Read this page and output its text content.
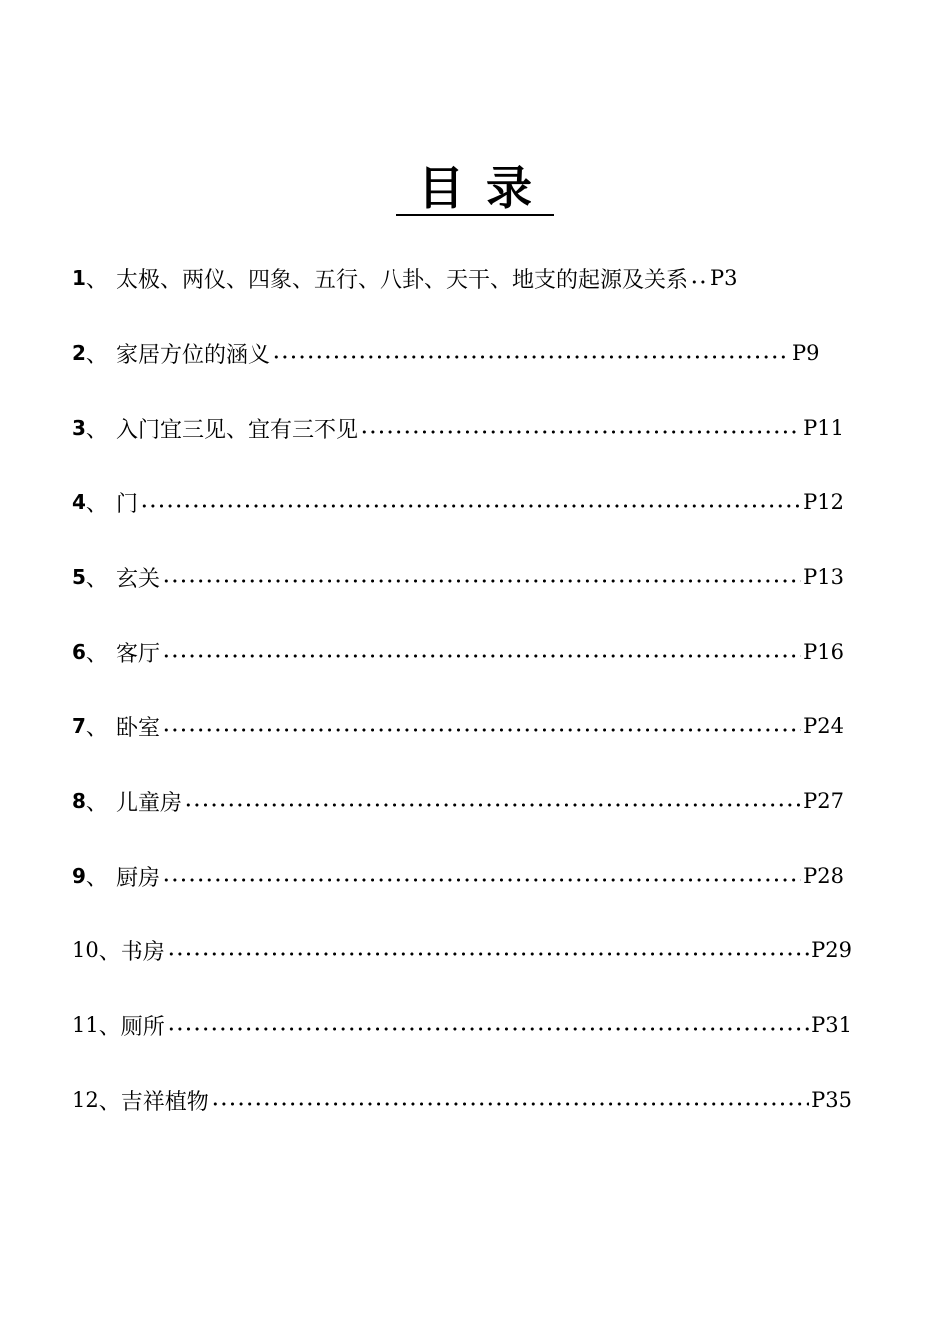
目录
1 、 太极、两仪、四象、五行、八卦、天干、地支的起源及关系 P3
2 、 家居方位的涵义	P9
3 、 入门宜三见、宜有三不见	P11
4 、 门	P12
5 、 玄关	P13
6 、 客厅	P16
7 、 卧室	P24
8 、 儿童房	P27
9 、 厨房	P28
10 、 书房	P29
11 、 厕所	P31
12 、 吉祥植物	P35
